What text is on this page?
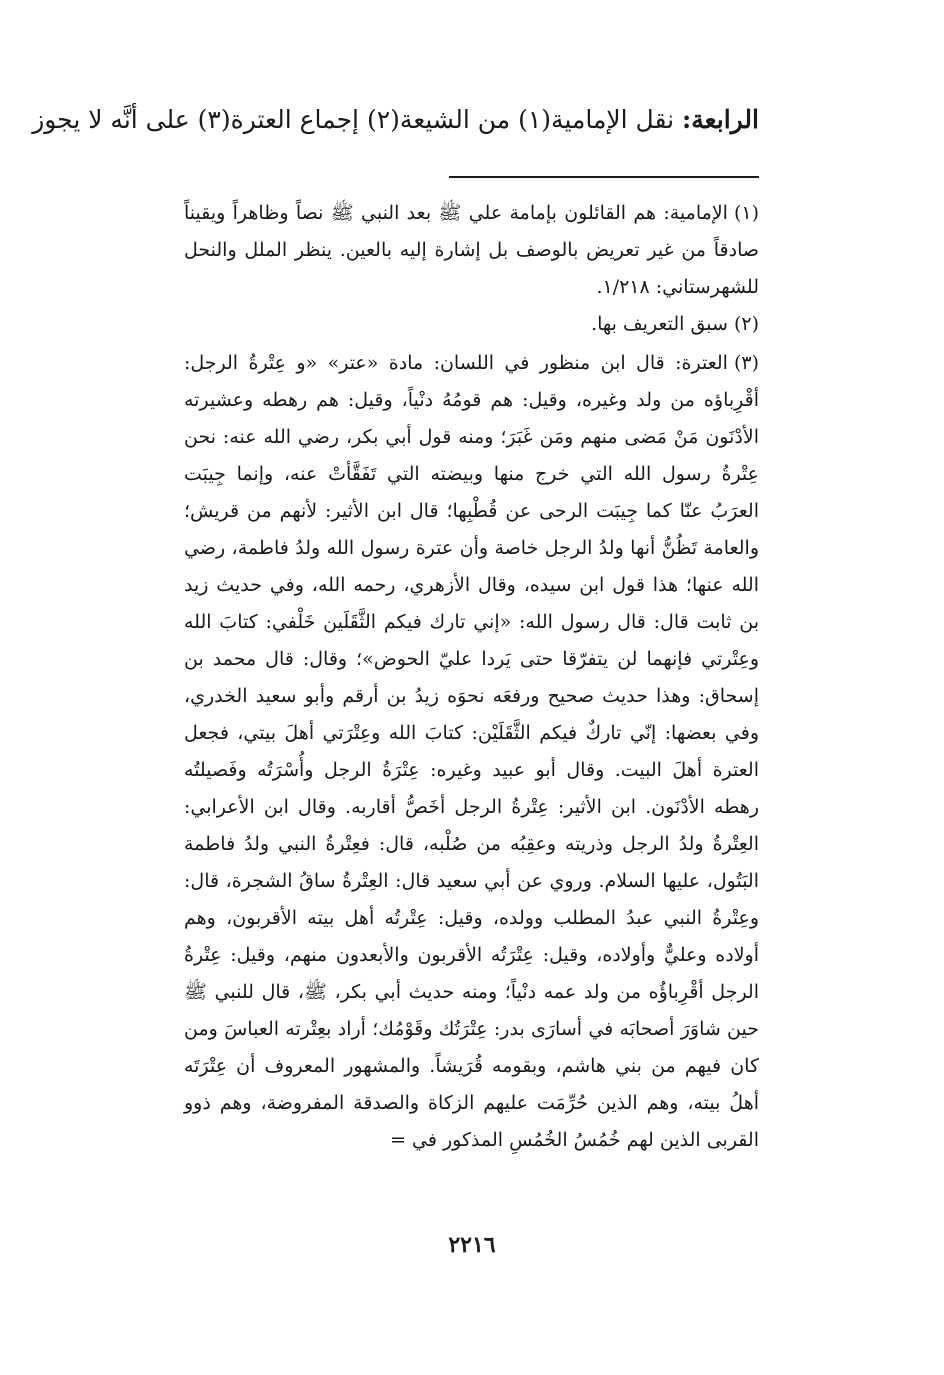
الرابعة: نقل الإمامية(١) من الشيعة(٢) إجماع العترة(٣) على أنَّه لا يجوز

(١)الإمامية: هم القائلون بإمامة علي ﷺ بعد النبي ﷺ نصاً وظاهراً ويقيناً صادقاً من غير تعريض بالوصف بل إشارة إليه بالعين. ينظر الملل والنحل للشهرستاني: ١/٢١٨.

(٢)سبق التعريف بها.

(٣)العترة: قال ابن منظور في اللسان: مادة «عتر» «و عِتْرةُ الرجل: أقْرِباؤه من ولد وغيره، وقيل: هم قومُهُ دنْياً، وقيل: هم رهطه وعشيرته الأدْنَون مَنْ مَضى منهم ومَن غَبَرَ؛ ومنه قول أبي بكر، رضي الله عنه: نحن عِتْرةُ رسول الله التي خرج منها وبيضته التي تَفَقَّأتْ عنه، وإنما جِيبَت العرَبُ عنّا كما جِيبَت الرحى عن قُطْبِها؛ قال ابن الأثير: لأنهم من قريش؛ والعامة تَظُنُّ أنها ولدُ الرجل خاصة وأن عترة رسول الله ولدُ فاطمة، رضي الله عنها؛ هذا قول ابن سيده، وقال الأزهري، رحمه الله، وفي حديث زيد بن ثابت قال: قال رسول الله: «إني تارك فيكم الثَّقَلَين خَلْفي: كتابَ الله وعِتْرتي فإنهما لن يتفرّقا حتى يَردا عليّ الحوض»؛ وقال: قال محمد بن إسحاق: وهذا حديث صحيح ورفعَه نحوَه زيدُ بن أرقم وأبو سعيد الخدري، وفي بعضها: إنّي تاركٌ فيكم الثَّقَلَيْن: كتابَ الله وعِتْرَتي أهلَ بيتي، فجعل العترة أهلَ البيت. وقال أبو عبيد وغيره: عِتْرَةُ الرجل وأُسْرَتُه وفَصيلتُه رهطه الأدْنَون. ابن الأثير: عِتْرةُ الرجل أخَصُّ أقاربه. وقال ابن الأعرابي: العِتْرةُ ولدُ الرجل وذريته وعقِبُه من صُلْبه، قال: فعِتْرةُ النبي ولدُ فاطمة البَتُول، عليها السلام. وروي عن أبي سعيد قال: العِتْرةُ ساقُ الشجرة، قال: وعِتْرةُ النبي عبدُ المطلب وولده، وقيل: عِتْرتُه أهل بيته الأقربون، وهم أولاده وعليٌّ وأولاده، وقيل: عِتْرَتُه الأقربون والأبعدون منهم، وقيل: عِتْرةُ الرجل أقْرِباؤُه من ولد عمه دنْياً؛ ومنه حديث أبي بكر، ﷺ، قال للنبي ﷺ حين شاوَرَ أصحابَه في أسارَى بدر: عِتْرَتُك وقَوْمُك؛ أراد بعِتْرته العباسَ ومن كان فيهم من بني هاشم، وبقومه قُرَيشاً. والمشهور المعروف أن عِتْرَتَه أهلُ بيته، وهم الذين حُرِّمَت عليهم الزكاة والصدقة المفروضة، وهم ذوو القربى الذين لهم خُمُسُ الخُمُسِ المذكور في =

٢٢١٦
